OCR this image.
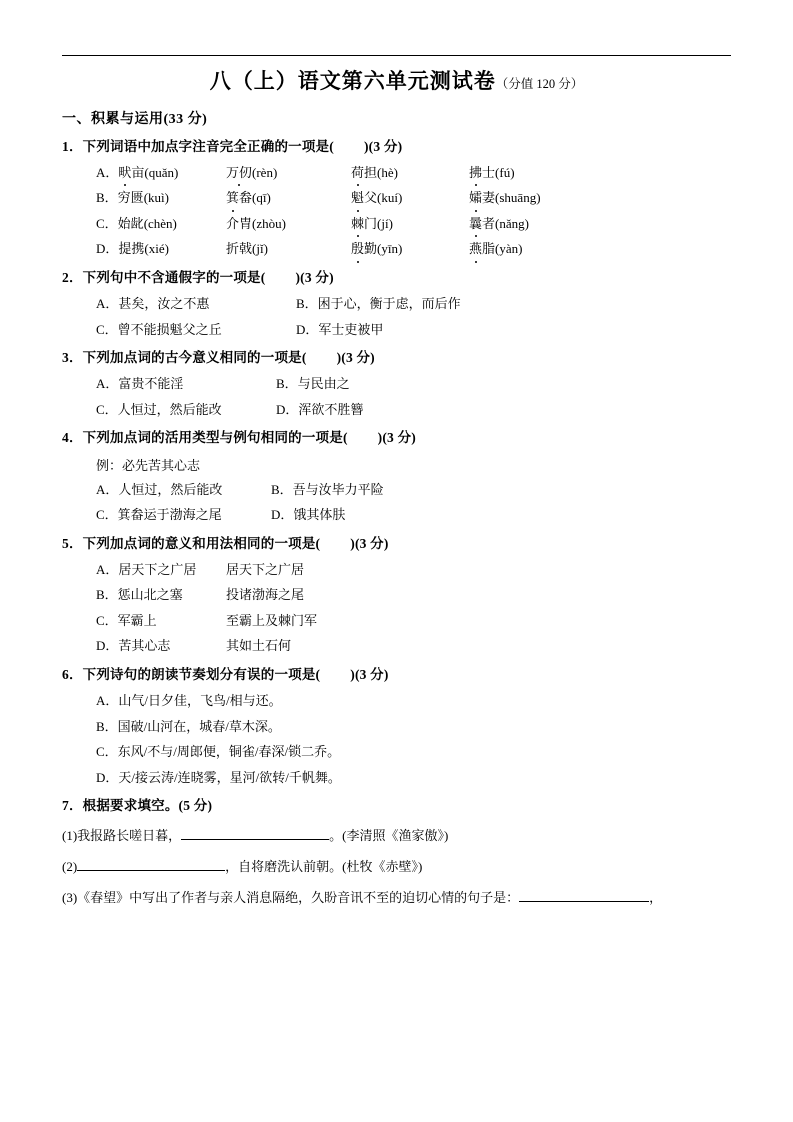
八（上）语文第六单元测试卷（分值 120 分）
一、积累与运用(33 分)
1．下列词语中加点字注音完全正确的一项是( )(3 分)
A．畎亩(quǎn)	万仞(rèn)	荷担(hè)	拂士(fú)
B．穷匮(kuì)	箕畚(qī)	魁父(kuí)	孀妻(shuāng)
C．始龀(chèn)	介胄(zhòu)	棘门(jí)	曩者(nǎng)
D．提携(xié)	折戟(jǐ)	殷勤(yīn)	燕脂(yàn)
2．下列句中不含通假字的一项是( )(3 分)
A．甚矣，汝之不惠	B．困于心，衡于虑，而后作
C．曾不能损魁父之丘	D．军士吏被甲
3．下列加点词的古今意义相同的一项是( )(3 分)
A．富贵不能淫	B．与民由之
C．人恒过，然后能改	D．浑欲不胜簪
4．下列加点词的活用类型与例句相同的一项是( )(3 分)
例：必先苦其心志
A．人恒过，然后能改	B．吾与汝毕力平险
C．箕畚运于渤海之尾	D．饿其体肤
5．下列加点词的意义和用法相同的一项是( )(3 分)
A．居天下之广居	居天下之广居
B．惩山北之塞	投诸渤海之尾
C．军霸上	至霸上及棘门军
D．苦其心志	其如土石何
6．下列诗句的朗读节奏划分有误的一项是( )(3 分)
A．山气/日夕佳，飞鸟/相与还。
B．国破/山河在，城春/草木深。
C．东风/不与/周郎便，铜雀/春深/锁二乔。
D．天/接云涛/连晓雾，星河/欲转/千帆舞。
7．根据要求填空。(5 分)
(1)我报路长嗟日暮，	。(李清照《渔家傲》)
(2)	，自将磨洗认前朝。(杜牧《赤壁》)
(3)《春望》中写出了作者与亲人消息隔绝，久盼音讯不至的迫切心情的句子是：	，
